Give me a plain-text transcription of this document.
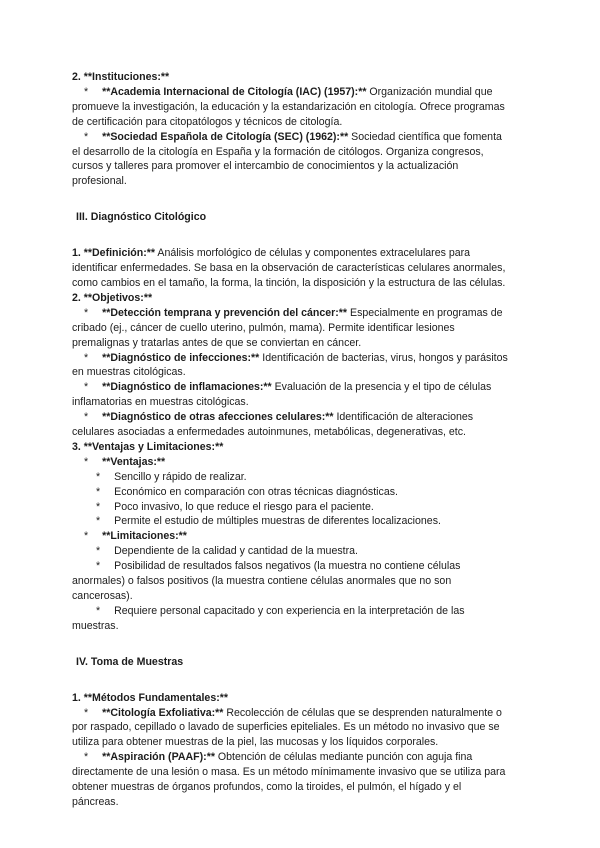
2. **Instituciones:**
* **Academia Internacional de Citología (IAC) (1957):** Organización mundial que
promueve la investigación, la educación y la estandarización en citología. Ofrece programas
de certificación para citopatólogos y técnicos de citología.
* **Sociedad Española de Citología (SEC) (1962):** Sociedad científica que fomenta
el desarrollo de la citología en España y la formación de citólogos. Organiza congresos,
cursos y talleres para promover el intercambio de conocimientos y la actualización
profesional.
III. Diagnóstico Citológico
1. **Definición:** Análisis morfológico de células y componentes extracelulares para
identificar enfermedades. Se basa en la observación de características celulares anormales,
como cambios en el tamaño, la forma, la tinción, la disposición y la estructura de las células.
2. **Objetivos:**
* **Detección temprana y prevención del cáncer:** Especialmente en programas de
cribado (ej., cáncer de cuello uterino, pulmón, mama). Permite identificar lesiones
premalignas y tratarlas antes de que se conviertan en cáncer.
* **Diagnóstico de infecciones:** Identificación de bacterias, virus, hongos y parásitos
en muestras citológicas.
* **Diagnóstico de inflamaciones:** Evaluación de la presencia y el tipo de células
inflamatorias en muestras citológicas.
* **Diagnóstico de otras afecciones celulares:** Identificación de alteraciones
celulares asociadas a enfermedades autoinmunes, metabólicas, degenerativas, etc.
3. **Ventajas y Limitaciones:**
* **Ventajas:**
* Sencillo y rápido de realizar.
* Económico en comparación con otras técnicas diagnósticas.
* Poco invasivo, lo que reduce el riesgo para el paciente.
* Permite el estudio de múltiples muestras de diferentes localizaciones.
* **Limitaciones:**
* Dependiente de la calidad y cantidad de la muestra.
* Posibilidad de resultados falsos negativos (la muestra no contiene células
anormales) o falsos positivos (la muestra contiene células anormales que no son
cancerosas).
* Requiere personal capacitado y con experiencia en la interpretación de las
muestras.
IV. Toma de Muestras
1. **Métodos Fundamentales:**
* **Citología Exfoliativa:** Recolección de células que se desprenden naturalmente o
por raspado, cepillado o lavado de superficies epiteliales. Es un método no invasivo que se
utiliza para obtener muestras de la piel, las mucosas y los líquidos corporales.
* **Aspiración (PAAF):** Obtención de células mediante punción con aguja fina
directamente de una lesión o masa. Es un método mínimamente invasivo que se utiliza para
obtener muestras de órganos profundos, como la tiroides, el pulmón, el hígado y el
páncreas.
